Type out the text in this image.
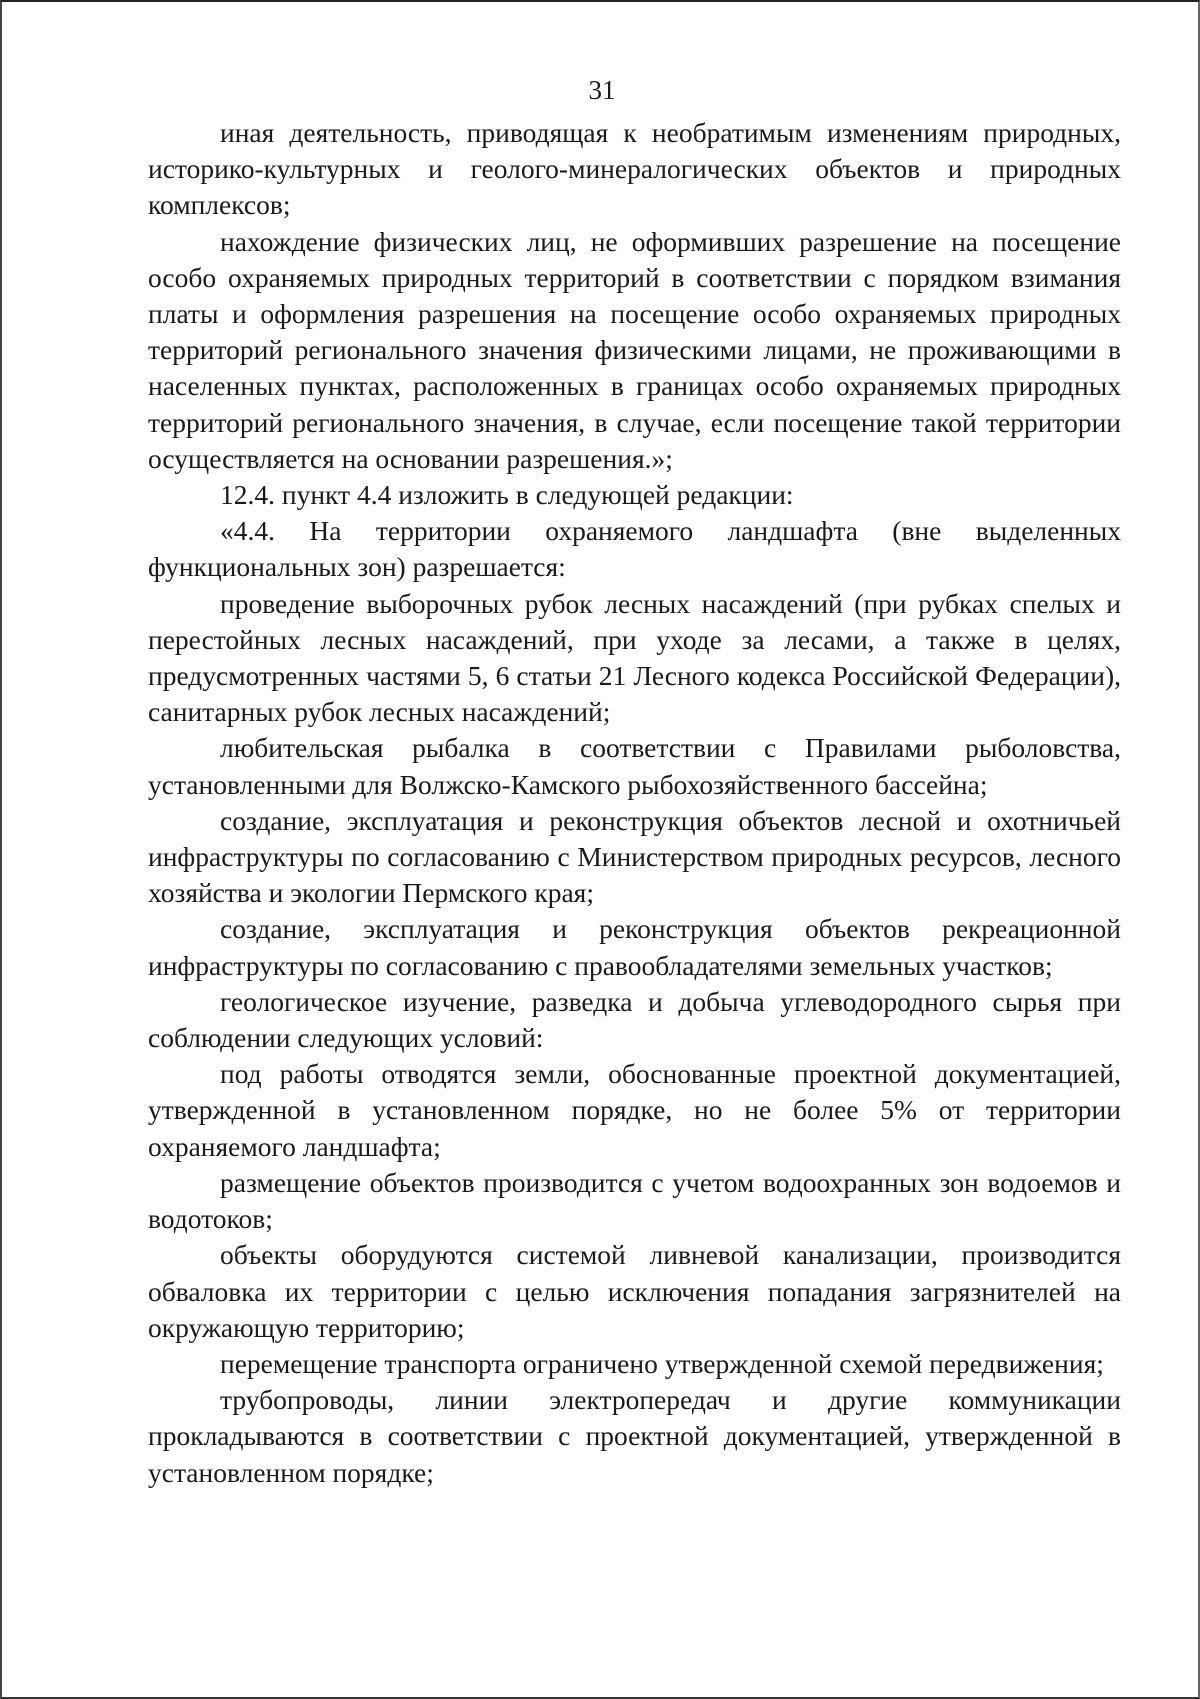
31

иная деятельность, приводящая к необратимым изменениям природных, историко-культурных и геолого-минералогических объектов и природных комплексов;

нахождение физических лиц, не оформивших разрешение на посещение особо охраняемых природных территорий в соответствии с порядком взимания платы и оформления разрешения на посещение особо охраняемых природных территорий регионального значения физическими лицами, не проживающими в населенных пунктах, расположенных в границах особо охраняемых природных территорий регионального значения, в случае, если посещение такой территории осуществляется на основании разрешения.»;

12.4. пункт 4.4 изложить в следующей редакции:

«4.4. На территории охраняемого ландшафта (вне выделенных функциональных зон) разрешается:

проведение выборочных рубок лесных насаждений (при рубках спелых и перестойных лесных насаждений, при уходе за лесами, а также в целях, предусмотренных частями 5, 6 статьи 21 Лесного кодекса Российской Федерации), санитарных рубок лесных насаждений;

любительская рыбалка в соответствии с Правилами рыболовства, установленными для Волжско-Камского рыбохозяйственного бассейна;

создание, эксплуатация и реконструкция объектов лесной и охотничьей инфраструктуры по согласованию с Министерством природных ресурсов, лесного хозяйства и экологии Пермского края;

создание, эксплуатация и реконструкция объектов рекреационной инфраструктуры по согласованию с правообладателями земельных участков;

геологическое изучение, разведка и добыча углеводородного сырья при соблюдении следующих условий:

под работы отводятся земли, обоснованные проектной документацией, утвержденной в установленном порядке, но не более 5% от территории охраняемого ландшафта;

размещение объектов производится с учетом водоохранных зон водоемов и водотоков;

объекты оборудуются системой ливневой канализации, производится обваловка их территории с целью исключения попадания загрязнителей на окружающую территорию;

перемещение транспорта ограничено утвержденной схемой передвижения;

трубопроводы, линии электропередач и другие коммуникации прокладываются в соответствии с проектной документацией, утвержденной в установленном порядке;
